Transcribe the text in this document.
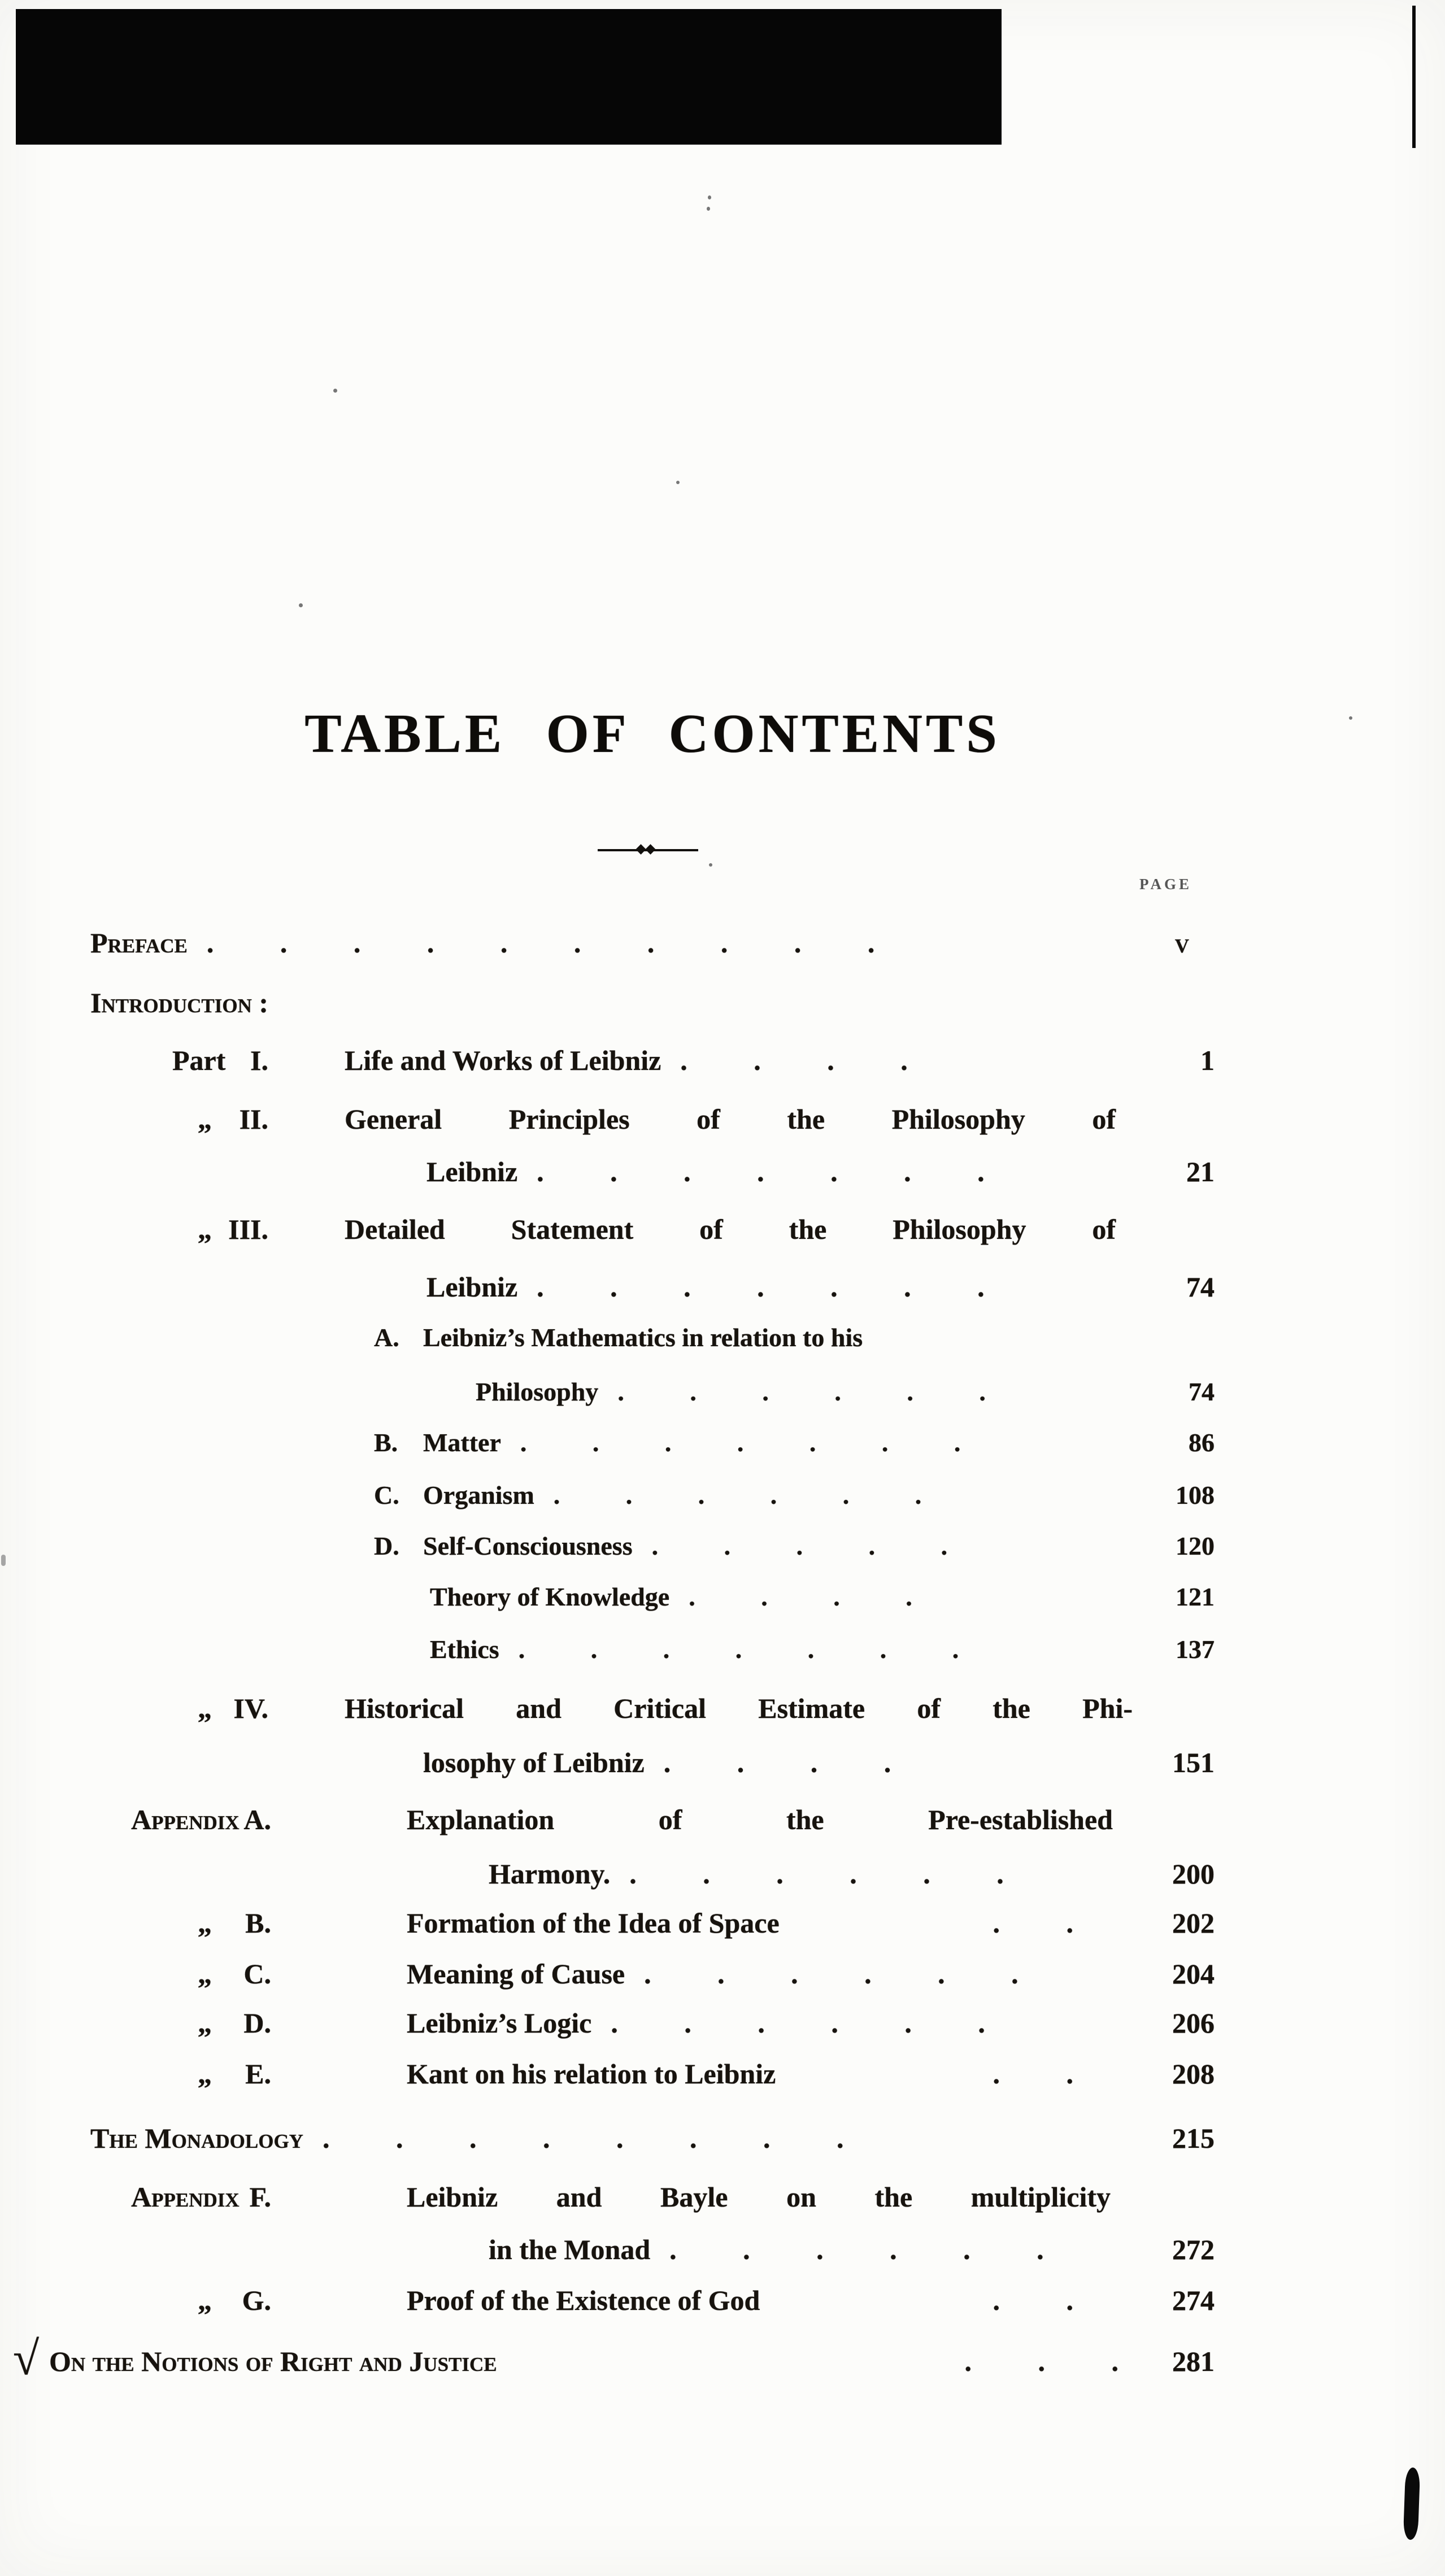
TABLE OF CONTENTS
PAGE
Preface . . . . . . . . . .	v
Introduction :
Part I.	Life and Works of Leibniz . . . .	1
„ II.	General Principles of the Philosophy of
Leibniz . . . . . . .	21
„ III.	Detailed Statement of the Philosophy of
Leibniz . . . . . . .	74
A. Leibniz’s Mathematics in relation to his
Philosophy . . . . . .	74
B. Matter . . . . . . .	86
C. Organism . . . . . .	108
D. Self-Consciousness . . . . .	120
Theory of Knowledge . . . .	121
Ethics . . . . . . .	137
„ IV.	Historical and Critical Estimate of the Phi-
losophy of Leibniz . . . .	151
Appendix A.	Explanation of the Pre-established
Harmony. . . . . . .	200
„	B.	Formation of the Idea of Space	. .	202
„	C.	Meaning of Cause . . . . . .	204
„	D.	Leibniz’s Logic . . . . . .	206
„	E.	Kant on his relation to Leibniz	. .	208
The Monadology . . . . . . . .	215
Appendix F.	Leibniz and Bayle on the multiplicity
in the Monad . . . . . .	272
„	G.	Proof of the Existence of God	. .	274
√ On the Notions of Right and Justice	. . . 281
